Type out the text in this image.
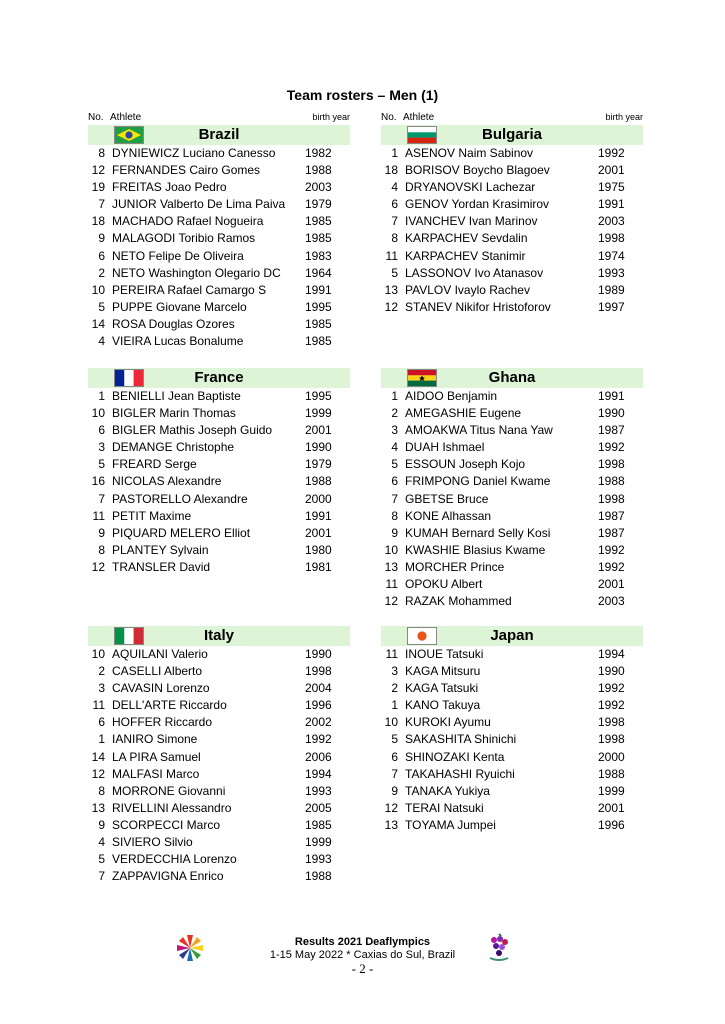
Team rosters – Men (1)
No. Athlete	birth year
Brazil
8 DYNIEWICZ Luciano Canesso 1982
12 FERNANDES Cairo Gomes	1988
19 FREITAS Joao Pedro	2003
7 JUNIOR Valberto De Lima Paiva 1979
18 MACHADO Rafael Nogueira	1985
9 MALAGODI Toribio Ramos	1985
6 NETO Felipe De Oliveira	1983
2 NETO Washington Olegario DC 1964
10 PEREIRA Rafael Camargo S	1991
5 PUPPE Giovane Marcelo	1995
14 ROSA Douglas Ozores	1985
4 VIEIRA Lucas Bonalume	1985
No. Athlete	birth year
Bulgaria
1 ASENOV Naim Sabinov	1992
18 BORISOV Boycho Blagoev	2001
4 DRYANOVSKI Lachezar	1975
6 GENOV Yordan Krasimirov	1991
7 IVANCHEV Ivan Marinov	2003
8 KARPACHEV Sevdalin	1998
11 KARPACHEV Stanimir	1974
5 LASSONOV Ivo Atanasov	1993
13 PAVLOV Ivaylo Rachev	1989
12 STANEV Nikifor Hristoforov	1997
France
1 BENIELLI Jean Baptiste	1995
10 BIGLER Marin Thomas	1999
6 BIGLER Mathis Joseph Guido	2001
3 DEMANGE Christophe	1990
5 FREARD Serge	1979
16 NICOLAS Alexandre	1988
7 PASTORELLO Alexandre	2000
11 PETIT Maxime	1991
9 PIQUARD MELERO Elliot	2001
8 PLANTEY Sylvain	1980
12 TRANSLER David	1981
Ghana
1 AIDOO Benjamin	1991
2 AMEGASHIE Eugene	1990
3 AMOAKWA Titus Nana Yaw	1987
4 DUAH Ishmael	1992
5 ESSOUN Joseph Kojo	1998
6 FRIMPONG Daniel Kwame	1988
7 GBETSE Bruce	1998
8 KONE Alhassan	1987
9 KUMAH Bernard Selly Kosi	1987
10 KWASHIE Blasius Kwame	1992
13 MORCHER Prince	1992
11 OPOKU Albert	2001
12 RAZAK Mohammed	2003
Italy
10 AQUILANI Valerio	1990
2 CASELLI Alberto	1998
3 CAVASIN Lorenzo	2004
11 DELL'ARTE Riccardo	1996
6 HOFFER Riccardo	2002
1 IANIRO Simone	1992
14 LA PIRA Samuel	2006
12 MALFASI Marco	1994
8 MORRONE Giovanni	1993
13 RIVELLINI Alessandro	2005
9 SCORPECCI Marco	1985
4 SIVIERO Silvio	1999
5 VERDECCHIA Lorenzo	1993
7 ZAPPAVIGNA Enrico	1988
Japan
11 INOUE Tatsuki	1994
3 KAGA Mitsuru	1990
2 KAGA Tatsuki	1992
1 KANO Takuya	1992
10 KUROKI Ayumu	1998
5 SAKASHITA Shinichi	1998
6 SHINOZAKI Kenta	2000
7 TAKAHASHI Ryuichi	1988
9 TANAKA Yukiya	1999
12 TERAI Natsuki	2001
13 TOYAMA Jumpei	1996
Results 2021 Deaflympics
1-15 May 2022 * Caxias do Sul, Brazil
- 2 -
